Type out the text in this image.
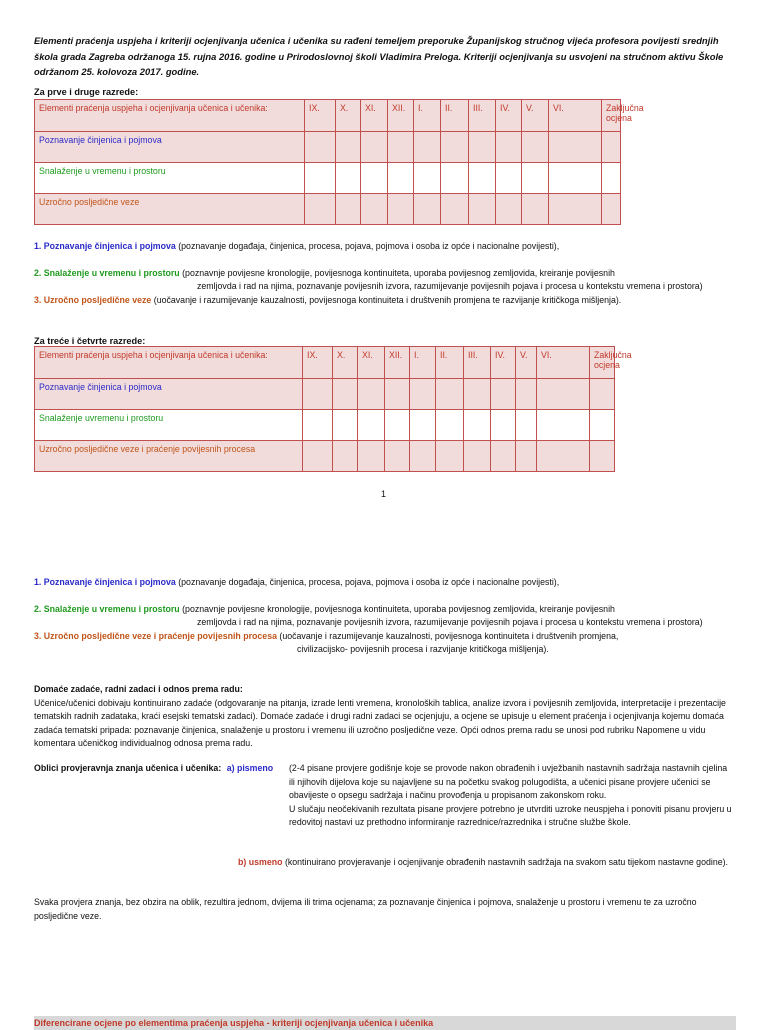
Elementi praćenja uspjeha i kriteriji ocjenjivanja učenica i učenika su rađeni temeljem preporuke Županijskog stručnog vijeća profesora povijesti srednjih škola grada Zagreba održanoga 15. rujna 2016. godine u Prirodoslovnoj školi Vladimira Preloga. Kriteriji ocjenjivanja su usvojeni na stručnom aktivu Škole održanom 25. kolovoza 2017. godine.
Za prve i druge razrede:
Elementi praćenja uspjeha i ocjenjivanja učenica i učenika:	IX.	X.	XI.	XII.	I.	II.	III.	IV.	V.	VI.	Zaključna ocjena
Poznavanje činjenica i pojmova											
Snalaženje u vremenu i prostoru											
Uzročno posljedične veze											
1. Poznavanje činjenica i pojmova (poznavanje događaja, činjenica, procesa, pojava, pojmova i osoba iz opće i nacionalne povijesti),
2. Snalaženje u vremenu i prostoru (poznavnje povijesne kronologije, povijesnoga kontinuiteta, uporaba povijesnog zemljovida, kreiranje povijesnih
zemljovda i rad na njima, poznavanje povijesnih izvora, razumijevanje povijesnih pojava i procesa u kontekstu vremena i prostora)
3. Uzročno posljedične veze (uočavanje i razumijevanje kauzalnosti, povijesnoga kontinuiteta i društvenih promjena te razvijanje kritičkoga mišljenja).
Za treće i četvrte razrede:
Elementi praćenja uspjeha i ocjenjivanja učenica i učenika:	IX.	X.	XI.	XII.	I.	II.	III.	IV.	V.	VI.	Zaključna ocjena
Poznavanje činjenica i pojmova											
Snalaženje uvremenu i prostoru											
Uzročno posljedične veze i praćenje povijesnih procesa											
1
1. Poznavanje činjenica i pojmova (poznavanje događaja, činjenica, procesa, pojava, pojmova i osoba iz opće i nacionalne povijesti),
2. Snalaženje u vremenu i prostoru (poznavnje povijesne kronologije, povijesnoga kontinuiteta, uporaba povijesnog zemljovida, kreiranje povijesnih
zemljovda i rad na njima, poznavanje povijesnih izvora, razumijevanje povijesnih pojava i procesa u kontekstu vremena i prostora)
3. Uzročno posljedične veze i praćenje povijesnih procesa (uočavanje i razumijevanje kauzalnosti, povijesnoga kontinuiteta i društvenih promjena,
civilizacijsko- povijesnih procesa i razvijanje kritičkoga mišljenja).
Domaće zadaće, radni zadaci i odnos prema radu:
Učenice/učenici dobivaju kontinuirano zadaće (odgovaranje na pitanja, izrade lenti vremena, kronoloških tablica, analize izvora i povijesnih zemljovida, interpretacije i prezentacije tematskih radnih zadataka, kraći esejski tematski zadaci). Domaće zadaće i drugi radni zadaci se ocjenjuju, a ocjene se upisuje u element praćenja i ocjenjivanja kojemu domaća zadaća tematski pripada: poznavanje činjenica, snalaženje u prostoru i vremenu ili uzročno posljedične veze. Opći odnos prema radu se unosi pod rubriku Napomene u vidu komentara učeničkog individualnog odnosa prema radu.
Oblici provjeravnja znanja učenica i učenika: a) pismeno	(2-4 pisane provjere godišnje koje se provode nakon obrađenih i uvježbanih nastavnih sadržaja nastavnih cjelina ili njihovih dijelova koje su najavljene su na početku svakog polugodišta, a učenici pisane provjere učenici se obavijeste o opsegu sadržaja i načinu provođenja u propisanom zakonskom roku.
U slučaju neočekivanih rezultata pisane provjere potrebno je utvrditi uzroke neuspjeha i ponoviti pisanu provjeru u redovitoj nastavi uz prethodno informiranje razrednice/razrednika i stručne službe škole.
b) usmeno (kontinuirano provjeravanje i ocjenjivanje obrađenih nastavnih sadržaja na svakom satu tijekom nastavne godine).
Svaka provjera znanja, bez obzira na oblik, rezultira jednom, dvijema ili trima ocjenama; za poznavanje činjenica i pojmova, snalaženje u prostoru i vremenu te za uzročno posljedične veze.
Diferencirane ocjene po elementima praćenja uspjeha - kriteriji ocjenjivanja učenica i učenika
